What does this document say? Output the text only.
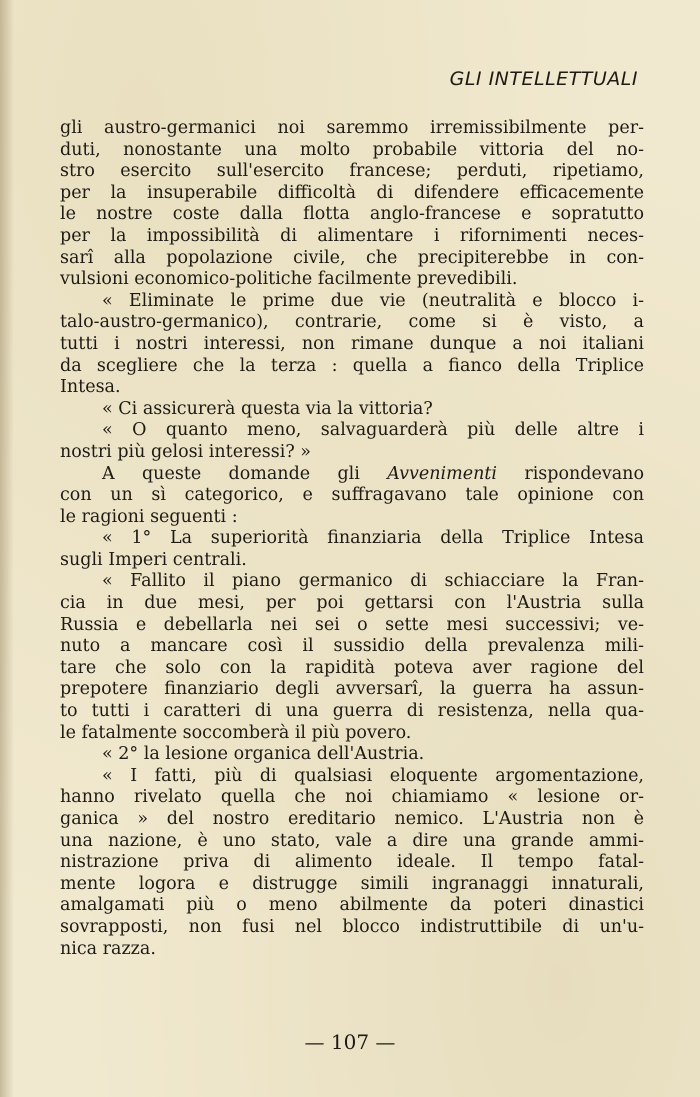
GLI INTELLETTUALI
gli austro-germanici noi saremmo irremissibilmente per-
duti, nonostante una molto probabile vittoria del no-
stro esercito sull'esercito francese; perduti, ripetiamo,
per la insuperabile difficoltà di difendere efficacemente
le nostre coste dalla flotta anglo-francese e sopratutto
per la impossibilità di alimentare i rifornimenti neces-
sarî alla popolazione civile, che precipiterebbe in con-
vulsioni economico-politiche facilmente prevedibili.
« Eliminate le prime due vie (neutralità e blocco i-
talo-austro-germanico), contrarie, come si è visto, a
tutti i nostri interessi, non rimane dunque a noi italiani
da scegliere che la terza : quella a fianco della Triplice
Intesa.
« Ci assicurerà questa via la vittoria?
« O quanto meno, salvaguarderà più delle altre i
nostri più gelosi interessi? »
A queste domande gli Avvenimenti rispondevano
con un sì categorico, e suffragavano tale opinione con
le ragioni seguenti :
« 1° La superiorità finanziaria della Triplice Intesa
sugli Imperi centrali.
« Fallito il piano germanico di schiacciare la Fran-
cia in due mesi, per poi gettarsi con l'Austria sulla
Russia e debellarla nei sei o sette mesi successivi; ve-
nuto a mancare così il sussidio della prevalenza mili-
tare che solo con la rapidità poteva aver ragione del
prepotere finanziario degli avversarî, la guerra ha assun-
to tutti i caratteri di una guerra di resistenza, nella qua-
le fatalmente soccomberà il più povero.
« 2° la lesione organica dell'Austria.
« I fatti, più di qualsiasi eloquente argomentazione,
hanno rivelato quella che noi chiamiamo « lesione or-
ganica » del nostro ereditario nemico. L'Austria non è
una nazione, è uno stato, vale a dire una grande ammi-
nistrazione priva di alimento ideale. Il tempo fatal-
mente logora e distrugge simili ingranaggi innaturali,
amalgamati più o meno abilmente da poteri dinastici
sovrapposti, non fusi nel blocco indistruttibile di un'u-
nica razza.
— 107 —
